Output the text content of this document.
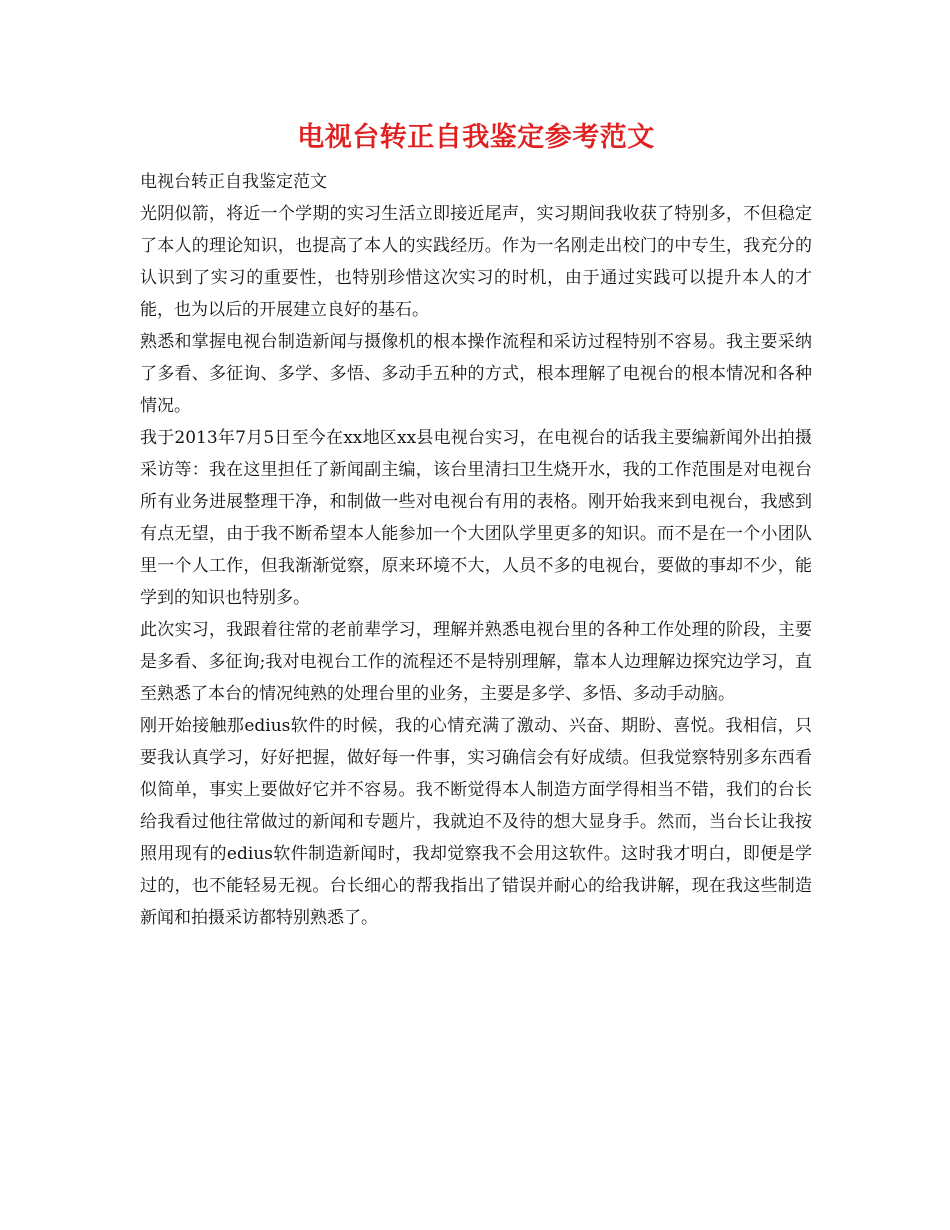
电视台转正自我鉴定参考范文

电视台转正自我鉴定范文

光阴似箭，将近一个学期的实习生活立即接近尾声，实习期间我收获了特别多，不但稳定了本人的理论知识，也提高了本人的实践经历。作为一名刚走出校门的中专生，我充分的认识到了实习的重要性，也特别珍惜这次实习的时机，由于通过实践可以提升本人的才能，也为以后的开展建立良好的基石。

熟悉和掌握电视台制造新闻与摄像机的根本操作流程和采访过程特别不容易。我主要采纳了多看、多征询、多学、多悟、多动手五种的方式，根本理解了电视台的根本情况和各种情况。

我于2013年7月5日至今在xx地区xx县电视台实习，在电视台的话我主要编新闻外出拍摄采访等：我在这里担任了新闻副主编，该台里清扫卫生烧开水，我的工作范围是对电视台所有业务进展整理干净，和制做一些对电视台有用的表格。刚开始我来到电视台，我感到有点无望，由于我不断希望本人能参加一个大团队学里更多的知识。而不是在一个小团队里一个人工作，但我渐渐觉察，原来环境不大，人员不多的电视台，要做的事却不少，能学到的知识也特别多。

此次实习，我跟着往常的老前辈学习，理解并熟悉电视台里的各种工作处理的阶段，主要是多看、多征询;我对电视台工作的流程还不是特别理解，靠本人边理解边探究边学习，直至熟悉了本台的情况纯熟的处理台里的业务，主要是多学、多悟、多动手动脑。

刚开始接触那edius软件的时候，我的心情充满了激动、兴奋、期盼、喜悦。我相信，只要我认真学习，好好把握，做好每一件事，实习确信会有好成绩。但我觉察特别多东西看似简单，事实上要做好它并不容易。我不断觉得本人制造方面学得相当不错，我们的台长给我看过他往常做过的新闻和专题片，我就迫不及待的想大显身手。然而，当台长让我按照用现有的edius软件制造新闻时，我却觉察我不会用这软件。这时我才明白，即便是学过的，也不能轻易无视。台长细心的帮我指出了错误并耐心的给我讲解，现在我这些制造新闻和拍摄采访都特别熟悉了。
